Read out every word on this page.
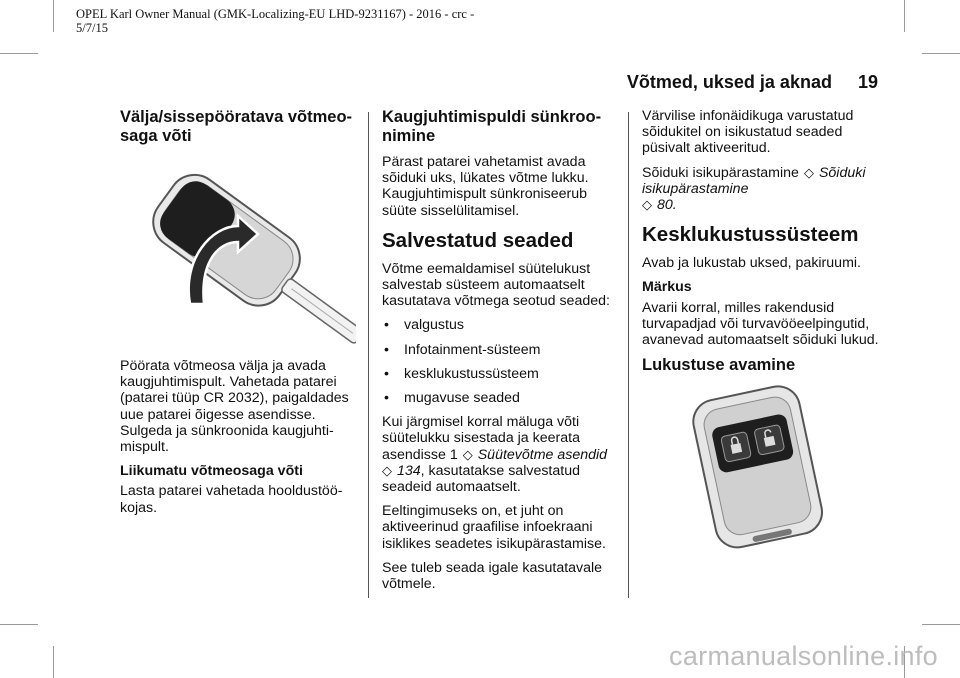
OPEL Karl Owner Manual (GMK-Localizing-EU LHD-9231167) - 2016 - crc - 5/7/15
Võtmed, uksed ja aknad 19
Välja/sissepööratava võtmeosaga võti

Pöörata võtmeosa välja ja avada kaugjuhtimispult. Vahetada patarei (patarei tüüp CR 2032), paigaldades uue patarei õigesse asendisse. Sulgeda ja sünkroonida kaugjuhtimispult.

Liikumatu võtmeosaga võti

Lasta patarei vahetada hooldustöökojas.

Kaugjuhtimispuldi sünkroonimine

Pärast patarei vahetamist avada sõiduki uks, lükates võtme lukku. Kaugjuhtimispult sünkroniseerub süüte sisselülitamisel.

Salvestatud seaded

Võtme eemaldamisel süütelukust salvestab süsteem automaatselt kasutatava võtmega seotud seaded:

• valgustus
• Infotainment-süsteem
• kesklukustussüsteem
• mugavuse seaded

Kui järgmisel korral mäluga võti süütelukku sisestada ja keerata asendisse 1 ◇ Süütevõtme asendid
◇ 134, kasutatakse salvestatud seadeid automaatselt.

Eeltingimuseks on, et juht on aktiveerinud graafilise infoekraani isiklikes seadetes isikupärastamise.

See tuleb seada igale kasutatavale võtmele.

Värvilise infonäidikuga varustatud sõidukitel on isikustatud seaded püsivalt aktiveeritud.

Sõiduki isikupärastamine ◇ Sõiduki isikupärastamine
◇ 80.

Kesklukustussüsteem

Avab ja lukustab uksed, pakiruumi.

Märkus

Avarii korral, milles rakendusid turvapadjad või turvavööeelpingutid, avanevad automaatselt sõiduki lukud.

Lukustuse avamine
carmanualsonline.info
